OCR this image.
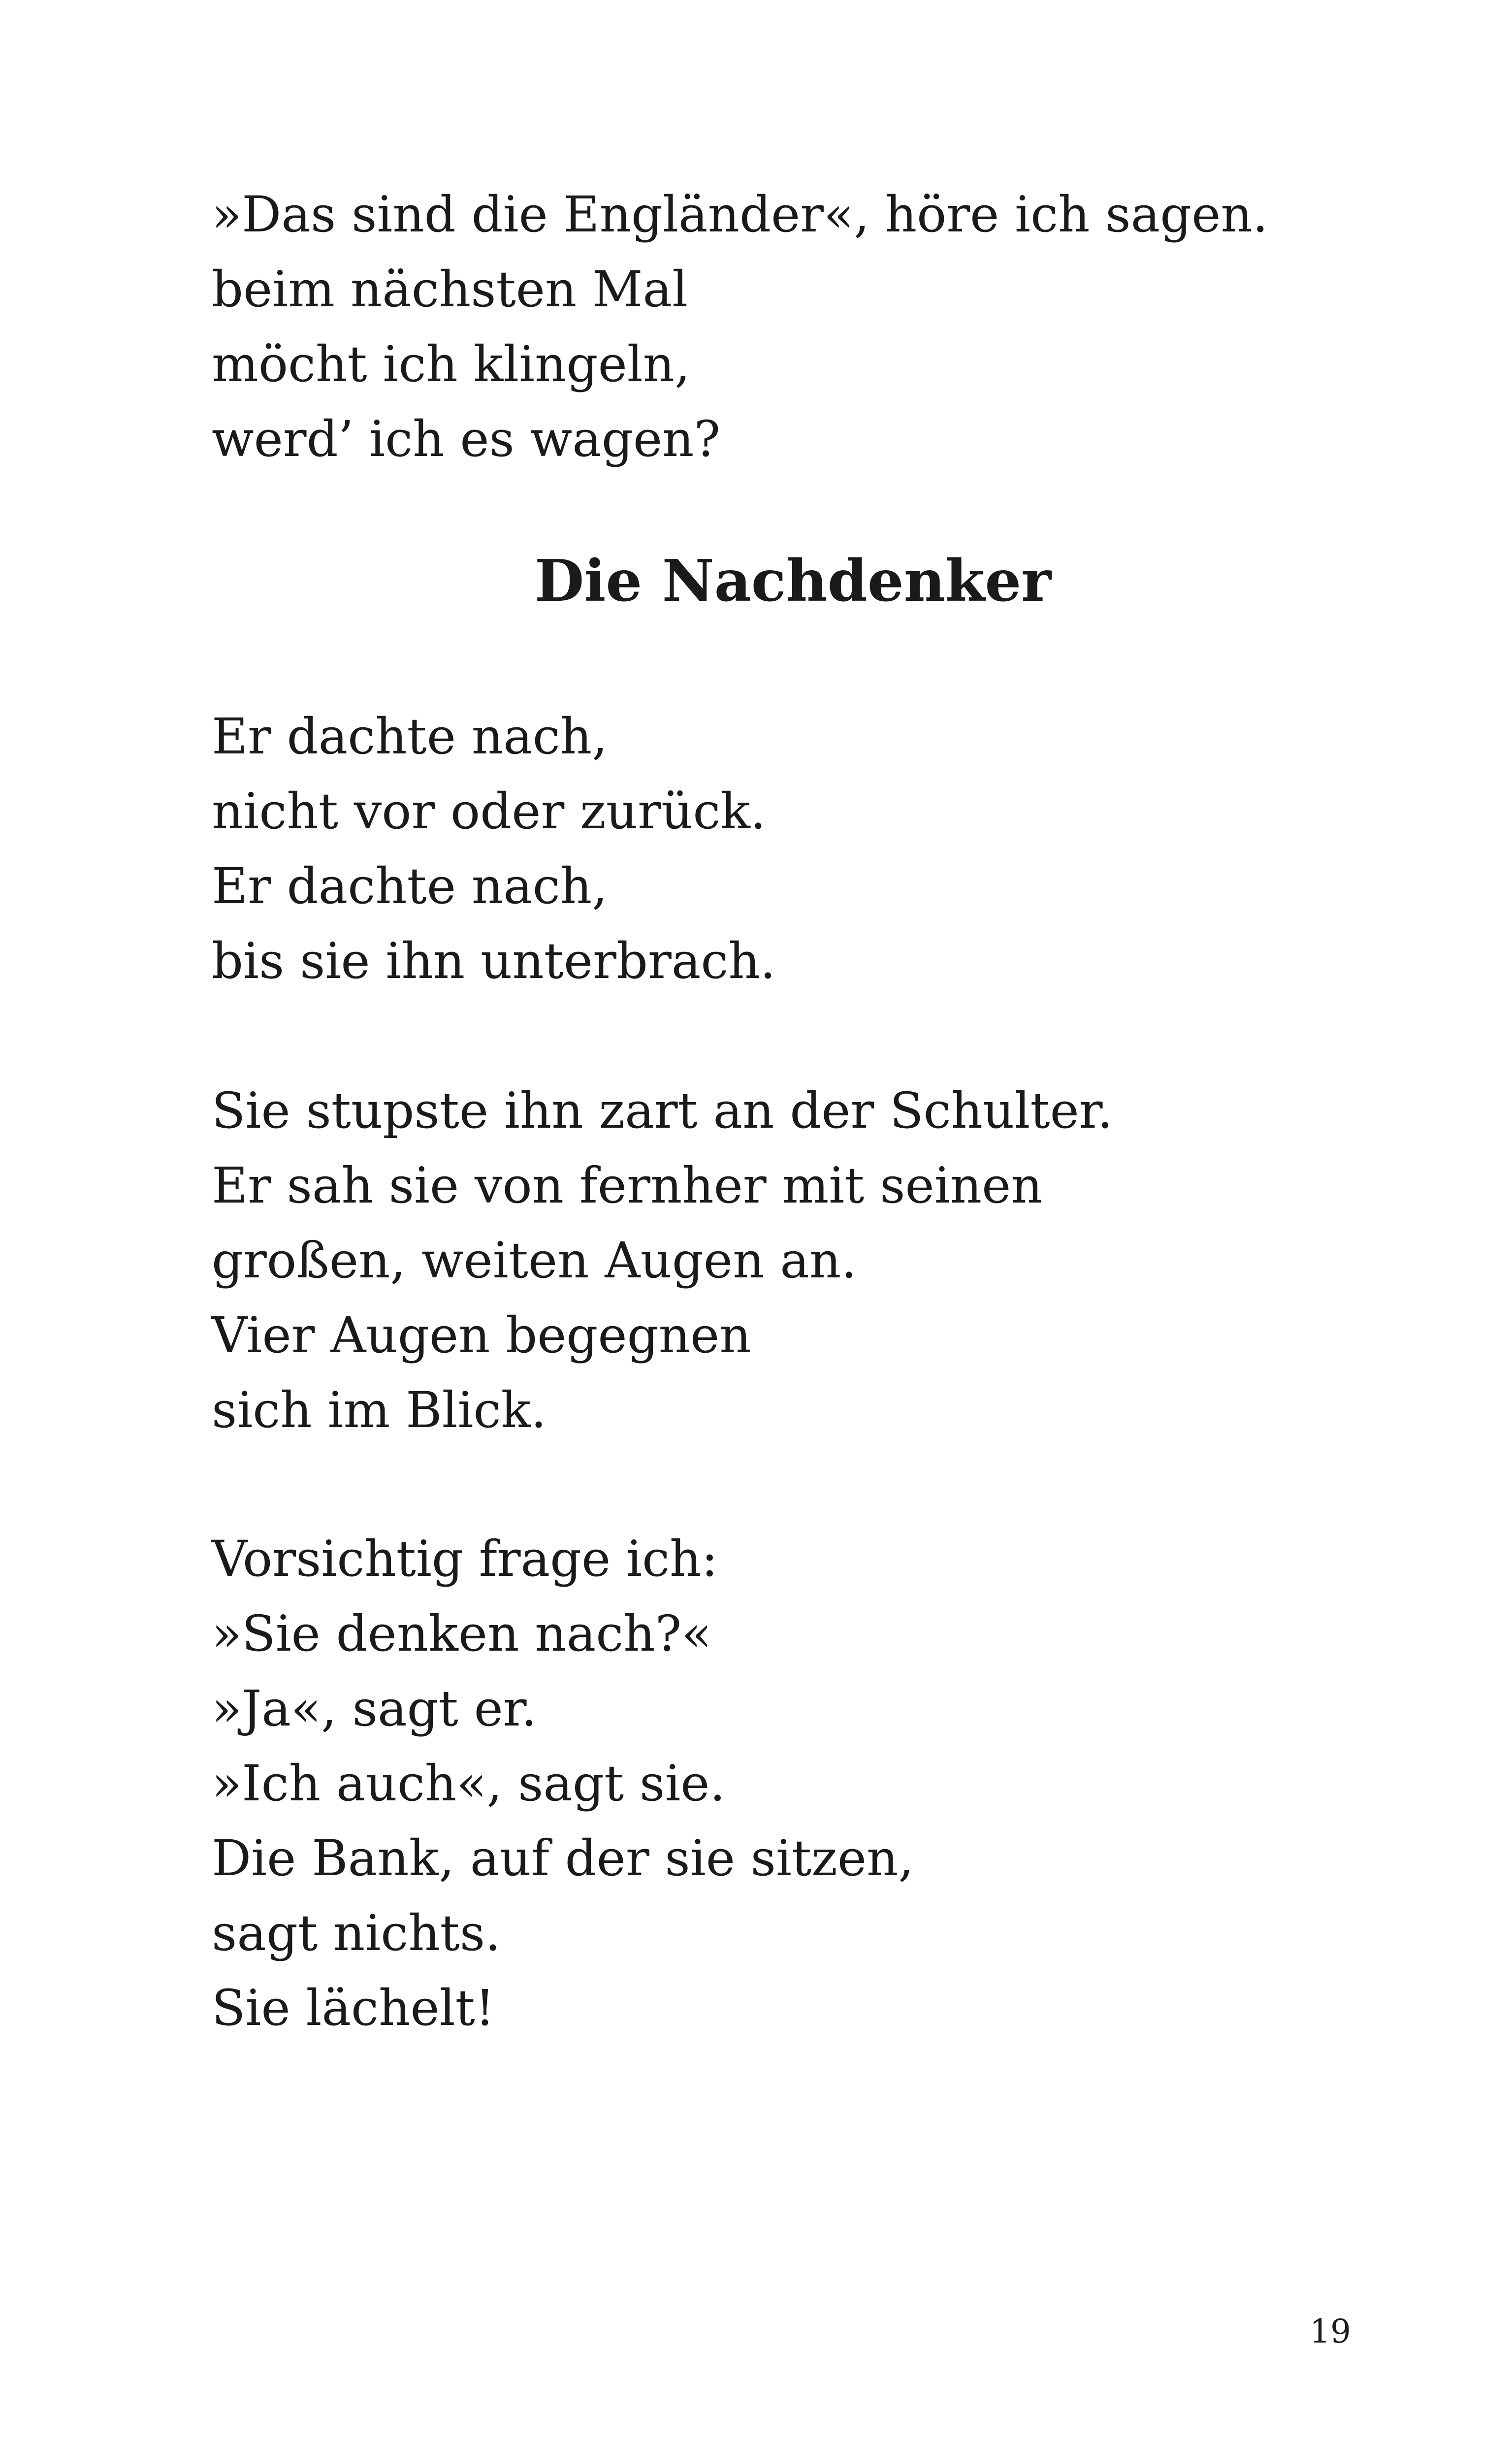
»Das sind die Engländer«, höre ich sagen.
beim nächsten Mal
möcht ich klingeln,
werd’ ich es wagen?
Die Nachdenker
Er dachte nach,
nicht vor oder zurück.
Er dachte nach,
bis sie ihn unterbrach.
Sie stupste ihn zart an der Schulter.
Er sah sie von fernher mit seinen
großen, weiten Augen an.
Vier Augen begegnen
sich im Blick.
Vorsichtig frage ich:
»Sie denken nach?«
»Ja«, sagt er.
»Ich auch«, sagt sie.
Die Bank, auf der sie sitzen,
sagt nichts.
Sie lächelt!
19
